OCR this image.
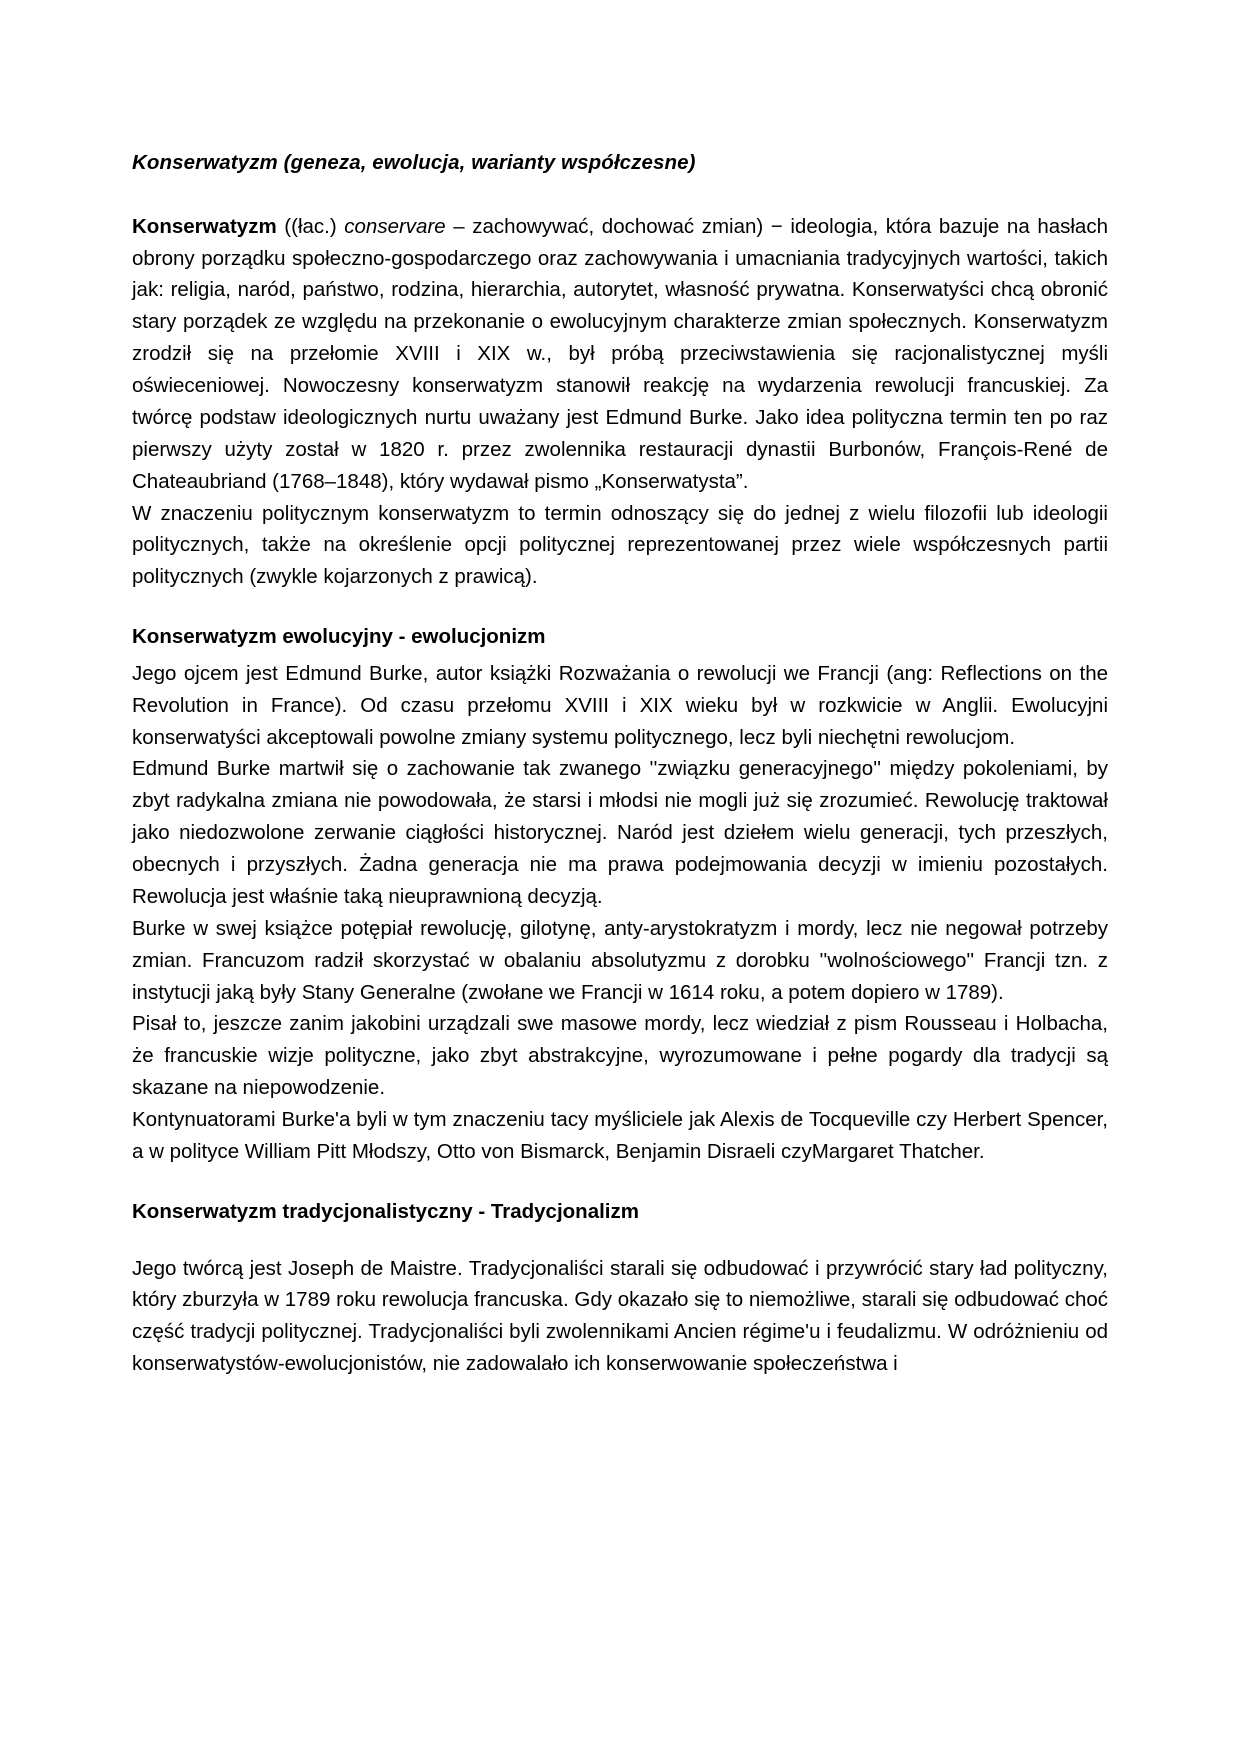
Konserwatyzm (geneza, ewolucja, warianty współczesne)

Konserwatyzm ((łac.) conservare – zachowywać, dochować zmian) − ideologia, która bazuje na hasłach obrony porządku społeczno-gospodarczego oraz zachowywania i umacniania tradycyjnych wartości, takich jak: religia, naród, państwo, rodzina, hierarchia, autorytet, własność prywatna. Konserwatyści chcą obronić stary porządek ze względu na przekonanie o ewolucyjnym charakterze zmian społecznych. Konserwatyzm zrodził się na przełomie XVIII i XIX w., był próbą przeciwstawienia się racjonalistycznej myśli oświeceniowej. Nowoczesny konserwatyzm stanowił reakcję na wydarzenia rewolucji francuskiej. Za twórcę podstaw ideologicznych nurtu uważany jest Edmund Burke. Jako idea polityczna termin ten po raz pierwszy użyty został w 1820 r. przez zwolennika restauracji dynastii Burbonów, François-René de Chateaubriand (1768–1848), który wydawał pismo „Konserwatysta”.

W znaczeniu politycznym konserwatyzm to termin odnoszący się do jednej z wielu filozofii lub ideologii politycznych, także na określenie opcji politycznej reprezentowanej przez wiele współczesnych partii politycznych (zwykle kojarzonych z prawicą).

Konserwatyzm ewolucyjny - ewolucjonizm

Jego ojcem jest Edmund Burke, autor książki Rozważania o rewolucji we Francji (ang: Reflections on the Revolution in France). Od czasu przełomu XVIII i XIX wieku był w rozkwicie w Anglii. Ewolucyjni konserwatyści akceptowali powolne zmiany systemu politycznego, lecz byli niechętni rewolucjom.

Edmund Burke martwił się o zachowanie tak zwanego ''związku generacyjnego'' między pokoleniami, by zbyt radykalna zmiana nie powodowała, że starsi i młodsi nie mogli już się zrozumieć. Rewolucję traktował jako niedozwolone zerwanie ciągłości historycznej. Naród jest dziełem wielu generacji, tych przeszłych, obecnych i przyszłych. Żadna generacja nie ma prawa podejmowania decyzji w imieniu pozostałych. Rewolucja jest właśnie taką nieuprawnioną decyzją.

Burke w swej książce potępiał rewolucję, gilotynę, anty-arystokratyzm i mordy, lecz nie negował potrzeby zmian. Francuzom radził skorzystać w obalaniu absolutyzmu z dorobku ''wolnościowego'' Francji tzn. z instytucji jaką były Stany Generalne (zwołane we Francji w 1614 roku, a potem dopiero w 1789).

Pisał to, jeszcze zanim jakobini urządzali swe masowe mordy, lecz wiedział z pism Rousseau i Holbacha, że francuskie wizje polityczne, jako zbyt abstrakcyjne, wyrozumowane i pełne pogardy dla tradycji są skazane na niepowodzenie.

Kontynuatorami Burke'a byli w tym znaczeniu tacy myśliciele jak Alexis de Tocqueville czy Herbert Spencer, a w polityce William Pitt Młodszy, Otto von Bismarck, Benjamin Disraeli czyMargaret Thatcher.

Konserwatyzm tradycjonalistyczny - Tradycjonalizm

Jego twórcą jest Joseph de Maistre. Tradycjonaliści starali się odbudować i przywrócić stary ład polityczny, który zburzyła w 1789 roku rewolucja francuska. Gdy okazało się to niemożliwe, starali się odbudować choć część tradycji politycznej. Tradycjonaliści byli zwolennikami Ancien régime'u i feudalizmu. W odróżnieniu od konserwatystów-ewolucjonistów, nie zadowalało ich konserwowanie społeczeństwa i
